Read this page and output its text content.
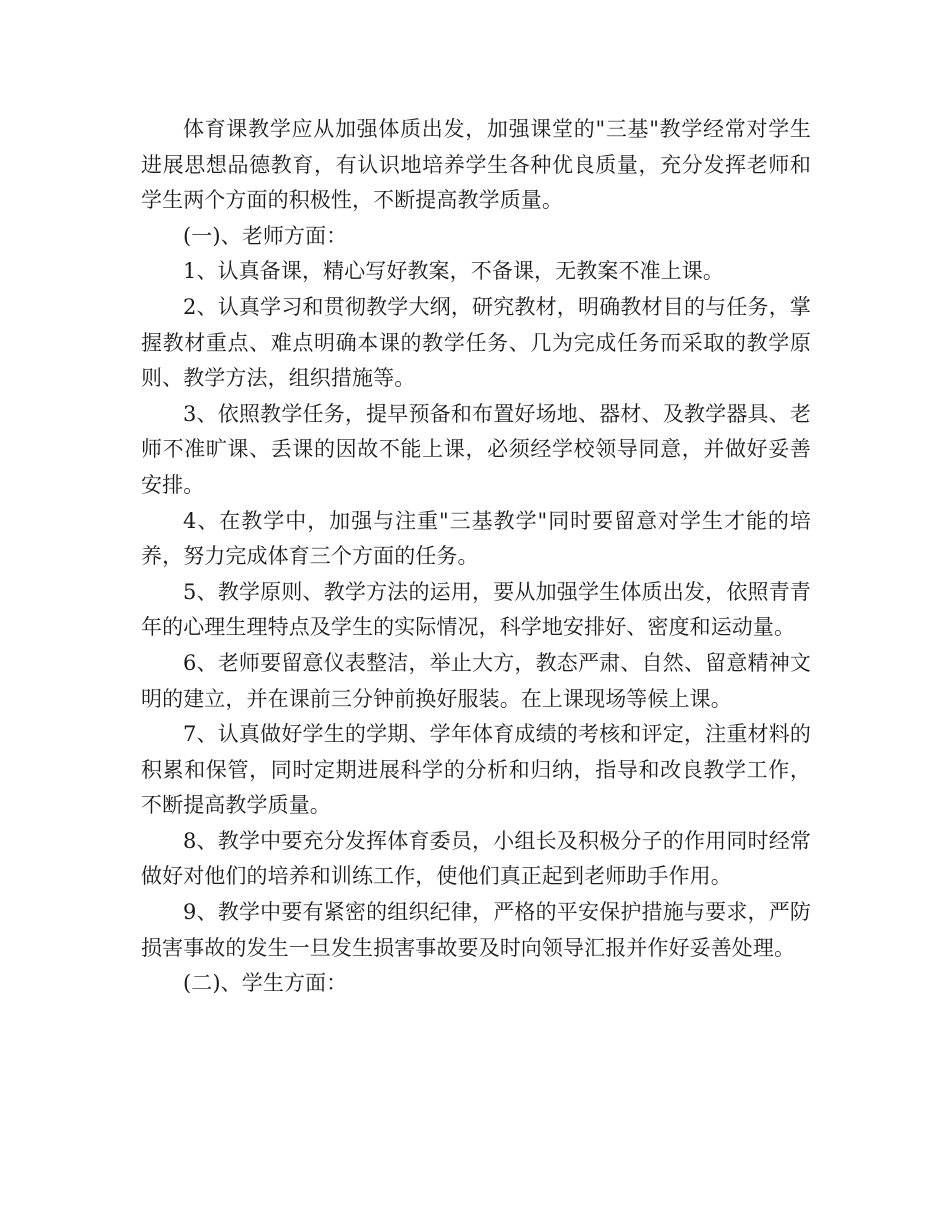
体育课教学应从加强体质出发，加强课堂的"三基"教学经常对学生进展思想品德教育，有认识地培养学生各种优良质量，充分发挥老师和学生两个方面的积极性，不断提高教学质量。

(一)、老师方面：

1、认真备课，精心写好教案，不备课，无教案不准上课。

2、认真学习和贯彻教学大纲，研究教材，明确教材目的与任务，掌握教材重点、难点明确本课的教学任务、几为完成任务而采取的教学原则、教学方法，组织措施等。

3、依照教学任务，提早预备和布置好场地、器材、及教学器具、老师不准旷课、丢课的因故不能上课，必须经学校领导同意，并做好妥善安排。

4、在教学中，加强与注重"三基教学"同时要留意对学生才能的培养，努力完成体育三个方面的任务。

5、教学原则、教学方法的运用，要从加强学生体质出发，依照青青年的心理生理特点及学生的实际情况，科学地安排好、密度和运动量。

6、老师要留意仪表整洁，举止大方，教态严肃、自然、留意精神文明的建立，并在课前三分钟前换好服装。在上课现场等候上课。

7、认真做好学生的学期、学年体育成绩的考核和评定，注重材料的积累和保管，同时定期进展科学的分析和归纳，指导和改良教学工作，不断提高教学质量。

8、教学中要充分发挥体育委员，小组长及积极分子的作用同时经常做好对他们的培养和训练工作，使他们真正起到老师助手作用。

9、教学中要有紧密的组织纪律，严格的平安保护措施与要求，严防损害事故的发生一旦发生损害事故要及时向领导汇报并作好妥善处理。

(二)、学生方面：
